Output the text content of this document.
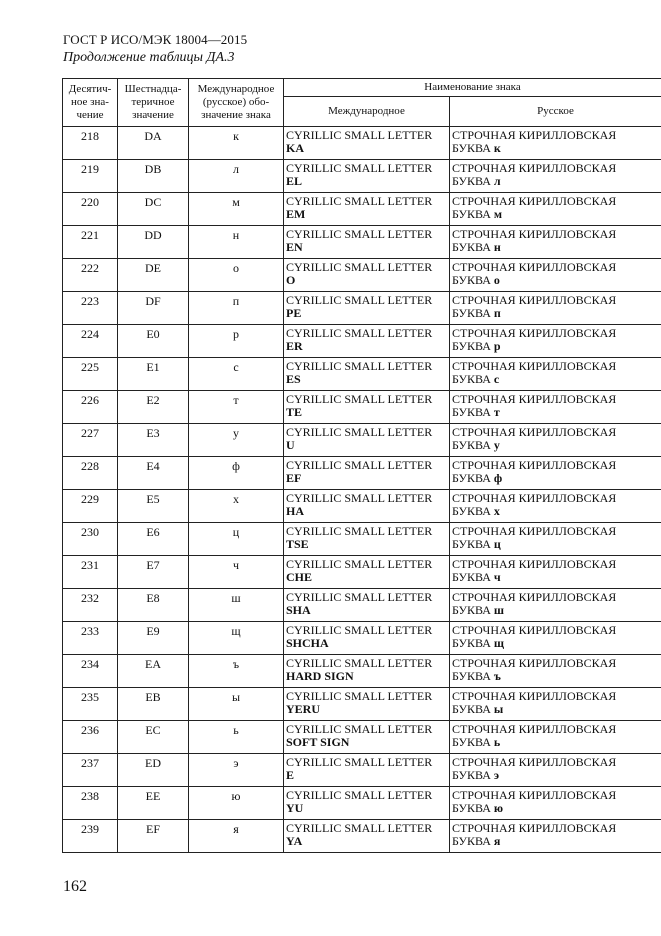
ГОСТ Р ИСО/МЭК 18004—2015
Продолжение таблицы ДА.3
Десятич-ное зна-чение	Шестнадца-теричное значение	Международное (русское) обо-значение знака	Наименование знака	
			Международное	Русское
218	DA	к	CYRILLIC SMALL LETTER
KA	СТРОЧНАЯ КИРИЛЛОВСКАЯ
БУКВА к
219	DB	л	CYRILLIC SMALL LETTER
EL	СТРОЧНАЯ КИРИЛЛОВСКАЯ
БУКВА л
220	DC	м	CYRILLIC SMALL LETTER
EM	СТРОЧНАЯ КИРИЛЛОВСКАЯ
БУКВА м
221	DD	н	CYRILLIC SMALL LETTER
EN	СТРОЧНАЯ КИРИЛЛОВСКАЯ
БУКВА н
222	DE	о	CYRILLIC SMALL LETTER
O	СТРОЧНАЯ КИРИЛЛОВСКАЯ
БУКВА о
223	DF	п	CYRILLIC SMALL LETTER
PE	СТРОЧНАЯ КИРИЛЛОВСКАЯ
БУКВА п
224	E0	р	CYRILLIC SMALL LETTER
ER	СТРОЧНАЯ КИРИЛЛОВСКАЯ
БУКВА р
225	E1	с	CYRILLIC SMALL LETTER
ES	СТРОЧНАЯ КИРИЛЛОВСКАЯ
БУКВА с
226	E2	т	CYRILLIC SMALL LETTER
TE	СТРОЧНАЯ КИРИЛЛОВСКАЯ
БУКВА т
227	E3	у	CYRILLIC SMALL LETTER
U	СТРОЧНАЯ КИРИЛЛОВСКАЯ
БУКВА у
228	E4	ф	CYRILLIC SMALL LETTER
EF	СТРОЧНАЯ КИРИЛЛОВСКАЯ
БУКВА ф
229	E5	х	CYRILLIC SMALL LETTER
HA	СТРОЧНАЯ КИРИЛЛОВСКАЯ
БУКВА х
230	E6	ц	CYRILLIC SMALL LETTER
TSE	СТРОЧНАЯ КИРИЛЛОВСКАЯ
БУКВА ц
231	E7	ч	CYRILLIC SMALL LETTER
CHE	СТРОЧНАЯ КИРИЛЛОВСКАЯ
БУКВА ч
232	E8	ш	CYRILLIC SMALL LETTER
SHA	СТРОЧНАЯ КИРИЛЛОВСКАЯ
БУКВА ш
233	E9	щ	CYRILLIC SMALL LETTER
SHCHA	СТРОЧНАЯ КИРИЛЛОВСКАЯ
БУКВА щ
234	EA	ъ	CYRILLIC SMALL LETTER
HARD SIGN	СТРОЧНАЯ КИРИЛЛОВСКАЯ
БУКВА ъ
235	EB	ы	CYRILLIC SMALL LETTER
YERU	СТРОЧНАЯ КИРИЛЛОВСКАЯ
БУКВА ы
236	EC	ь	CYRILLIC SMALL LETTER
SOFT SIGN	СТРОЧНАЯ КИРИЛЛОВСКАЯ
БУКВА ь
237	ED	э	CYRILLIC SMALL LETTER
E	СТРОЧНАЯ КИРИЛЛОВСКАЯ
БУКВА э
238	EE	ю	CYRILLIC SMALL LETTER
YU	СТРОЧНАЯ КИРИЛЛОВСКАЯ
БУКВА ю
239	EF	я	CYRILLIC SMALL LETTER
YA	СТРОЧНАЯ КИРИЛЛОВСКАЯ
БУКВА я
162
